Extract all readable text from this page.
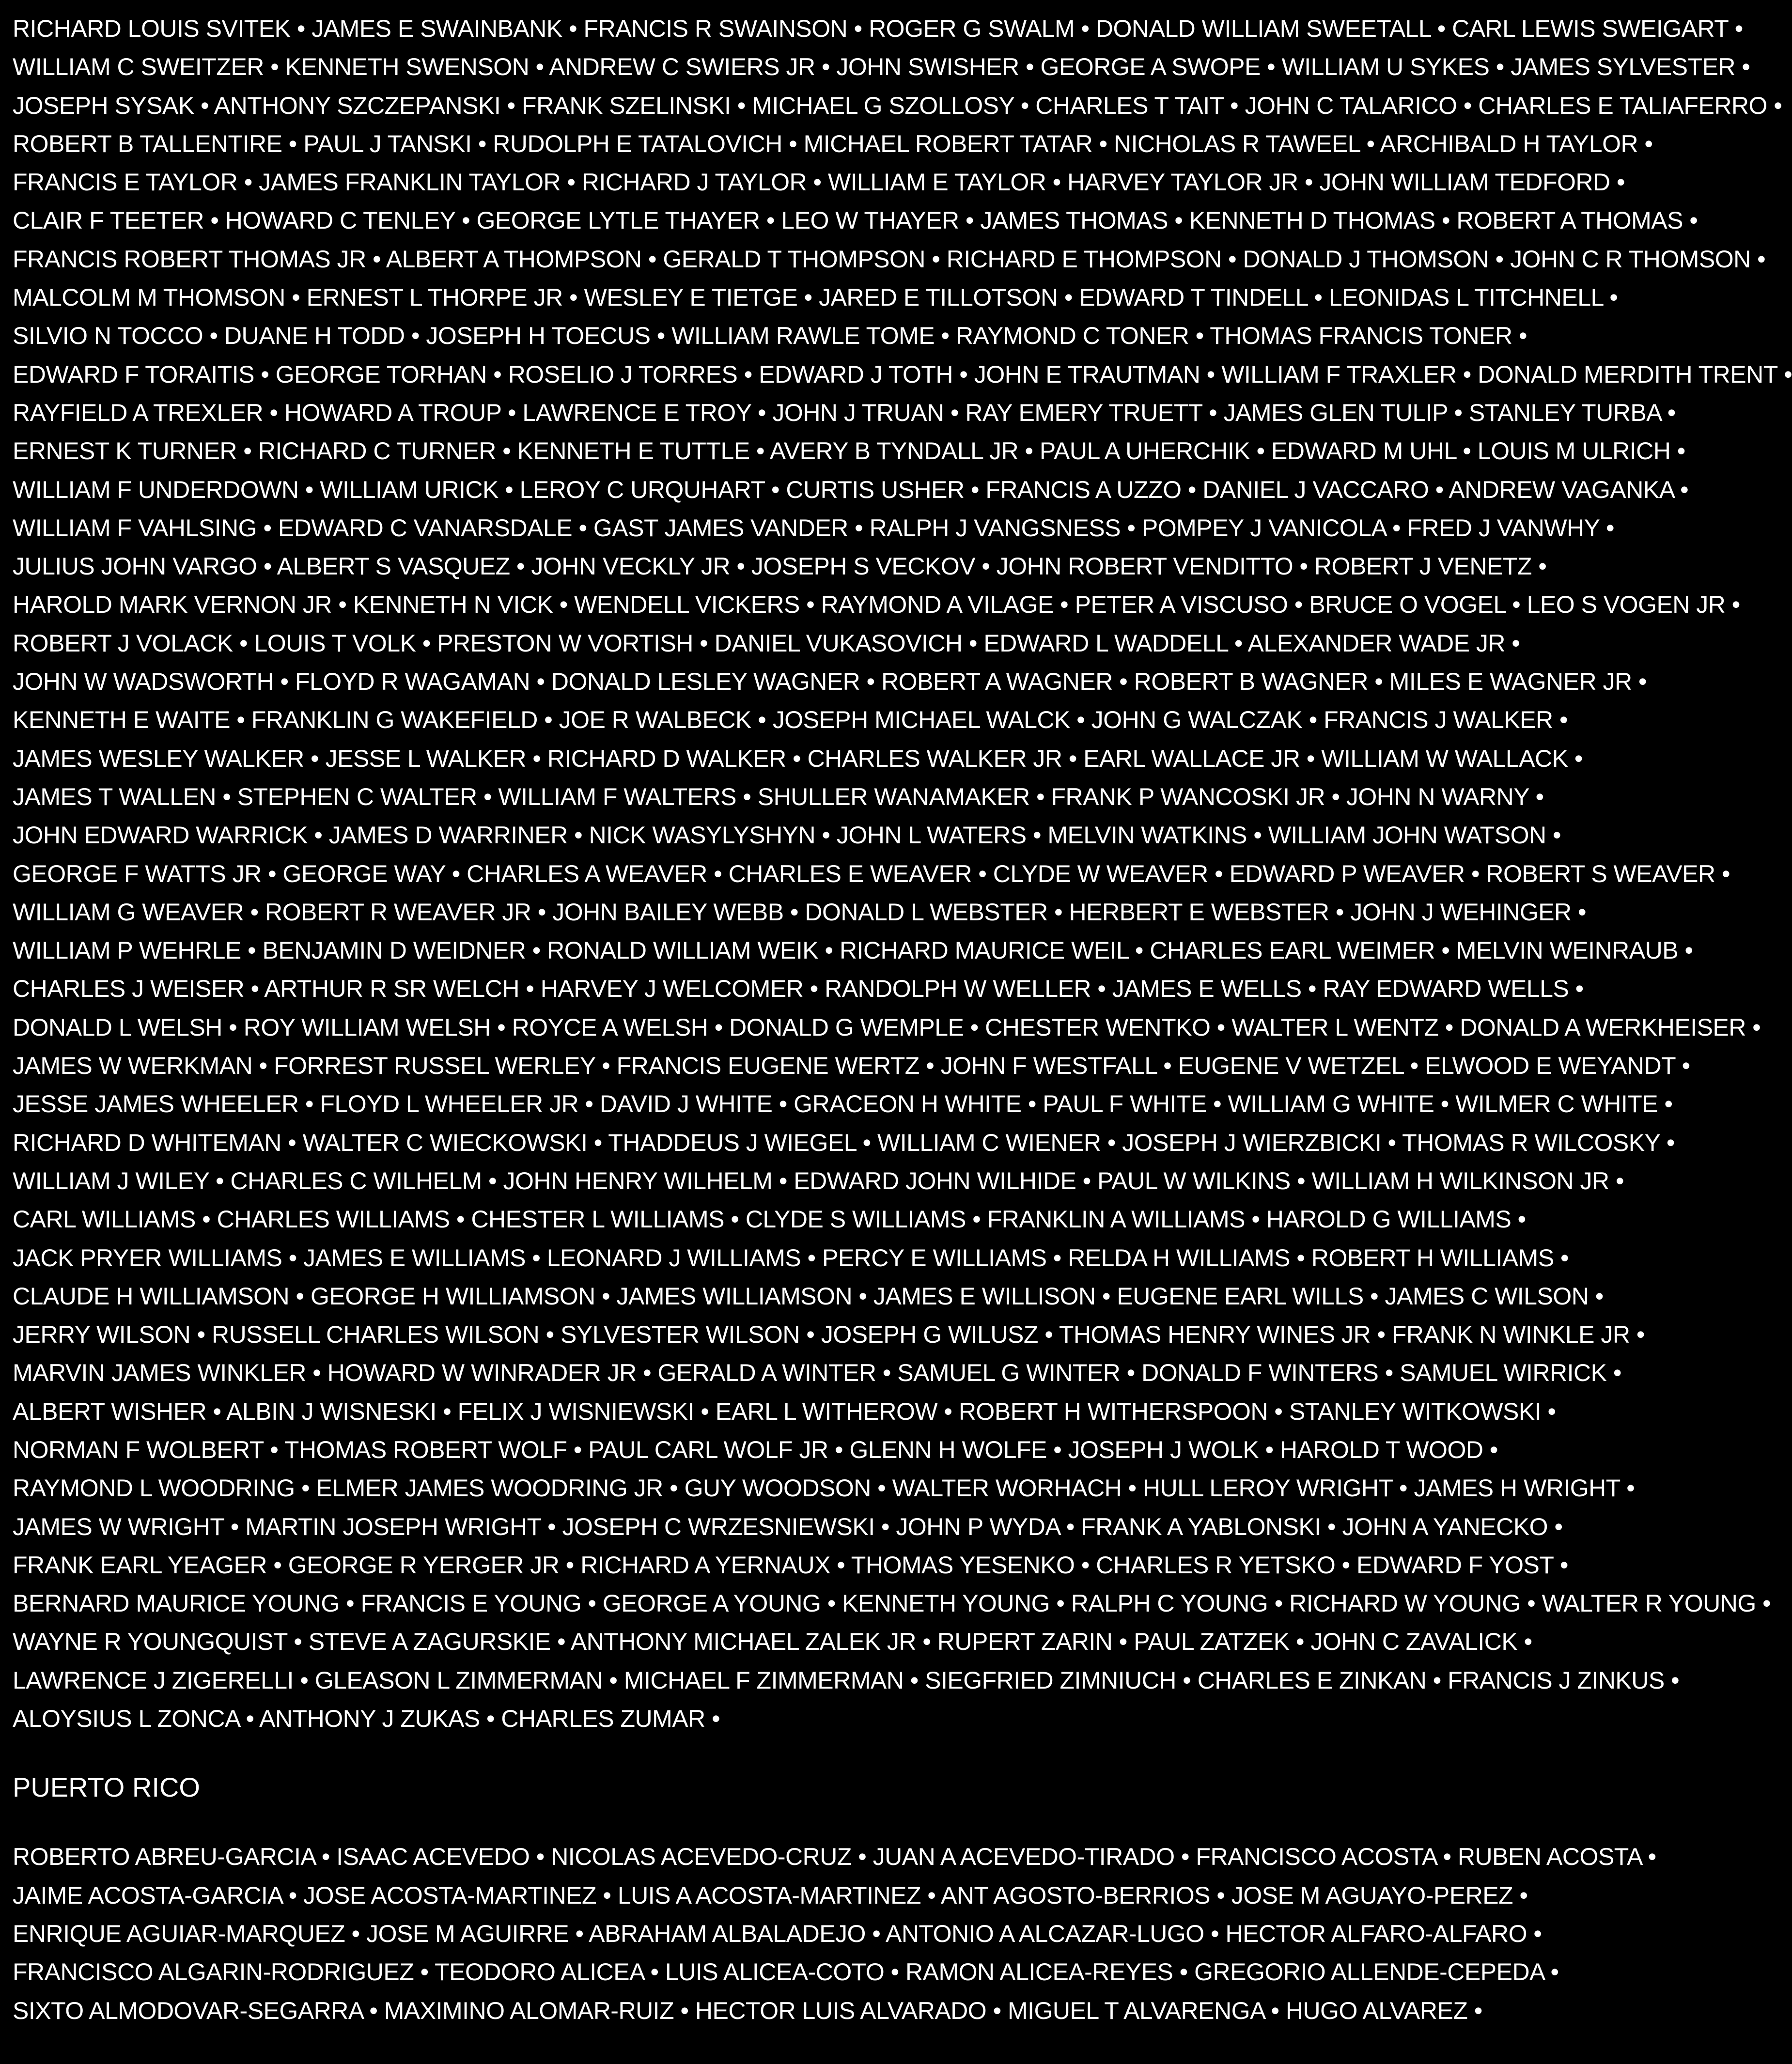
RICHARD LOUIS SVITEK • JAMES E SWAINBANK • FRANCIS R SWAINSON • ROGER G SWALM • DONALD WILLIAM SWEETALL • CARL LEWIS SWEIGART •
WILLIAM C SWEITZER • KENNETH SWENSON • ANDREW C SWIERS JR • JOHN SWISHER • GEORGE A SWOPE • WILLIAM U SYKES • JAMES SYLVESTER •
JOSEPH SYSAK • ANTHONY SZCZEPANSKI • FRANK SZELINSKI • MICHAEL G SZOLLOSY • CHARLES T TAIT • JOHN C TALARICO • CHARLES E TALIAFERRO •
ROBERT B TALLENTIRE • PAUL J TANSKI • RUDOLPH E TATALOVICH • MICHAEL ROBERT TATAR • NICHOLAS R TAWEEL • ARCHIBALD H TAYLOR •
FRANCIS E TAYLOR • JAMES FRANKLIN TAYLOR • RICHARD J TAYLOR • WILLIAM E TAYLOR • HARVEY TAYLOR JR • JOHN WILLIAM TEDFORD •
CLAIR F TEETER • HOWARD C TENLEY • GEORGE LYTLE THAYER • LEO W THAYER • JAMES THOMAS • KENNETH D THOMAS • ROBERT A THOMAS •
FRANCIS ROBERT THOMAS JR • ALBERT A THOMPSON • GERALD T THOMPSON • RICHARD E THOMPSON • DONALD J THOMSON • JOHN C R THOMSON •
MALCOLM M THOMSON • ERNEST L THORPE JR • WESLEY E TIETGE • JARED E TILLOTSON • EDWARD T TINDELL • LEONIDAS L TITCHNELL •
SILVIO N TOCCO • DUANE H TODD • JOSEPH H TOECUS • WILLIAM RAWLE TOME • RAYMOND C TONER • THOMAS FRANCIS TONER •
EDWARD F TORAITIS • GEORGE TORHAN • ROSELIO J TORRES • EDWARD J TOTH • JOHN E TRAUTMAN • WILLIAM F TRAXLER • DONALD MERDITH TRENT •
RAYFIELD A TREXLER • HOWARD A TROUP • LAWRENCE E TROY • JOHN J TRUAN • RAY EMERY TRUETT • JAMES GLEN TULIP • STANLEY TURBA •
ERNEST K TURNER • RICHARD C TURNER • KENNETH E TUTTLE • AVERY B TYNDALL JR • PAUL A UHERCHIK • EDWARD M UHL • LOUIS M ULRICH •
WILLIAM F UNDERDOWN • WILLIAM URICK • LEROY C URQUHART • CURTIS USHER • FRANCIS A UZZO • DANIEL J VACCARO • ANDREW VAGANKA •
WILLIAM F VAHLSING • EDWARD C VANARSDALE • GAST JAMES VANDER • RALPH J VANGSNESS • POMPEY J VANICOLA • FRED J VANWHY •
JULIUS JOHN VARGO • ALBERT S VASQUEZ • JOHN VECKLY JR • JOSEPH S VECKOV • JOHN ROBERT VENDITTO • ROBERT J VENETZ •
HAROLD MARK VERNON JR • KENNETH N VICK • WENDELL VICKERS • RAYMOND A VILAGE • PETER A VISCUSO • BRUCE O VOGEL • LEO S VOGEN JR •
ROBERT J VOLACK • LOUIS T VOLK • PRESTON W VORTISH • DANIEL VUKASOVICH • EDWARD L WADDELL • ALEXANDER WADE JR •
JOHN W WADSWORTH • FLOYD R WAGAMAN • DONALD LESLEY WAGNER • ROBERT A WAGNER • ROBERT B WAGNER • MILES E WAGNER JR •
KENNETH E WAITE • FRANKLIN G WAKEFIELD • JOE R WALBECK • JOSEPH MICHAEL WALCK • JOHN G WALCZAK • FRANCIS J WALKER •
JAMES WESLEY WALKER • JESSE L WALKER • RICHARD D WALKER • CHARLES WALKER JR • EARL WALLACE JR • WILLIAM W WALLACK •
JAMES T WALLEN • STEPHEN C WALTER • WILLIAM F WALTERS • SHULLER WANAMAKER • FRANK P WANCOSKI JR • JOHN N WARNY •
JOHN EDWARD WARRICK • JAMES D WARRINER • NICK WASYLYSHYN • JOHN L WATERS • MELVIN WATKINS • WILLIAM JOHN WATSON •
GEORGE F WATTS JR • GEORGE WAY • CHARLES A WEAVER • CHARLES E WEAVER • CLYDE W WEAVER • EDWARD P WEAVER • ROBERT S WEAVER •
WILLIAM G WEAVER • ROBERT R WEAVER JR • JOHN BAILEY WEBB • DONALD L WEBSTER • HERBERT E WEBSTER • JOHN J WEHINGER •
WILLIAM P WEHRLE • BENJAMIN D WEIDNER • RONALD WILLIAM WEIK • RICHARD MAURICE WEIL • CHARLES EARL WEIMER • MELVIN WEINRAUB •
CHARLES J WEISER • ARTHUR R SR WELCH • HARVEY J WELCOMER • RANDOLPH W WELLER • JAMES E WELLS • RAY EDWARD WELLS •
DONALD L WELSH • ROY WILLIAM WELSH • ROYCE A WELSH • DONALD G WEMPLE • CHESTER WENTKO • WALTER L WENTZ • DONALD A WERKHEISER •
JAMES W WERKMAN • FORREST RUSSEL WERLEY • FRANCIS EUGENE WERTZ • JOHN F WESTFALL • EUGENE V WETZEL • ELWOOD E WEYANDT •
JESSE JAMES WHEELER • FLOYD L WHEELER JR • DAVID J WHITE • GRACEON H WHITE • PAUL F WHITE • WILLIAM G WHITE • WILMER C WHITE •
RICHARD D WHITEMAN • WALTER C WIECKOWSKI • THADDEUS J WIEGEL • WILLIAM C WIENER • JOSEPH J WIERZBICKI • THOMAS R WILCOSKY •
WILLIAM J WILEY • CHARLES C WILHELM • JOHN HENRY WILHELM • EDWARD JOHN WILHIDE • PAUL W WILKINS • WILLIAM H WILKINSON JR •
CARL WILLIAMS • CHARLES WILLIAMS • CHESTER L WILLIAMS • CLYDE S WILLIAMS • FRANKLIN A WILLIAMS • HAROLD G WILLIAMS •
JACK PRYER WILLIAMS • JAMES E WILLIAMS • LEONARD J WILLIAMS • PERCY E WILLIAMS • RELDA H WILLIAMS • ROBERT H WILLIAMS •
CLAUDE H WILLIAMSON • GEORGE H WILLIAMSON • JAMES WILLIAMSON • JAMES E WILLISON • EUGENE EARL WILLS • JAMES C WILSON •
JERRY WILSON • RUSSELL CHARLES WILSON • SYLVESTER WILSON • JOSEPH G WILUSZ • THOMAS HENRY WINES JR • FRANK N WINKLE JR •
MARVIN JAMES WINKLER • HOWARD W WINRADER JR • GERALD A WINTER • SAMUEL G WINTER • DONALD F WINTERS • SAMUEL WIRRICK •
ALBERT WISHER • ALBIN J WISNESKI • FELIX J WISNIEWSKI • EARL L WITHEROW • ROBERT H WITHERSPOON • STANLEY WITKOWSKI •
NORMAN F WOLBERT • THOMAS ROBERT WOLF • PAUL CARL WOLF JR • GLENN H WOLFE • JOSEPH J WOLK • HAROLD T WOOD •
RAYMOND L WOODRING • ELMER JAMES WOODRING JR • GUY WOODSON • WALTER WORHACH • HULL LEROY WRIGHT • JAMES H WRIGHT •
JAMES W WRIGHT • MARTIN JOSEPH WRIGHT • JOSEPH C WRZESNIEWSKI • JOHN P WYDA • FRANK A YABLONSKI • JOHN A YANECKO •
FRANK EARL YEAGER • GEORGE R YERGER JR • RICHARD A YERNAUX • THOMAS YESENKO • CHARLES R YETSKO • EDWARD F YOST •
BERNARD MAURICE YOUNG • FRANCIS E YOUNG • GEORGE A YOUNG • KENNETH YOUNG • RALPH C YOUNG • RICHARD W YOUNG • WALTER R YOUNG •
WAYNE R YOUNGQUIST • STEVE A ZAGURSKIE • ANTHONY MICHAEL ZALEK JR • RUPERT ZARIN • PAUL ZATZEK • JOHN C ZAVALICK •
LAWRENCE J ZIGERELLI • GLEASON L ZIMMERMAN • MICHAEL F ZIMMERMAN • SIEGFRIED ZIMNIUCH • CHARLES E ZINKAN • FRANCIS J ZINKUS •
ALOYSIUS L ZONCA • ANTHONY J ZUKAS • CHARLES ZUMAR •
PUERTO RICO
ROBERTO ABREU-GARCIA • ISAAC ACEVEDO • NICOLAS ACEVEDO-CRUZ • JUAN A ACEVEDO-TIRADO • FRANCISCO ACOSTA • RUBEN ACOSTA •
JAIME ACOSTA-GARCIA • JOSE ACOSTA-MARTINEZ • LUIS A ACOSTA-MARTINEZ • ANT AGOSTO-BERRIOS • JOSE M AGUAYO-PEREZ •
ENRIQUE AGUIAR-MARQUEZ • JOSE M AGUIRRE • ABRAHAM ALBALADEJO • ANTONIO A ALCAZAR-LUGO • HECTOR ALFARO-ALFARO •
FRANCISCO ALGARIN-RODRIGUEZ • TEODORO ALICEA • LUIS ALICEA-COTO • RAMON ALICEA-REYES • GREGORIO ALLENDE-CEPEDA •
SIXTO ALMODOVAR-SEGARRA • MAXIMINO ALOMAR-RUIZ • HECTOR LUIS ALVARADO • MIGUEL T ALVARENGA • HUGO ALVAREZ •
